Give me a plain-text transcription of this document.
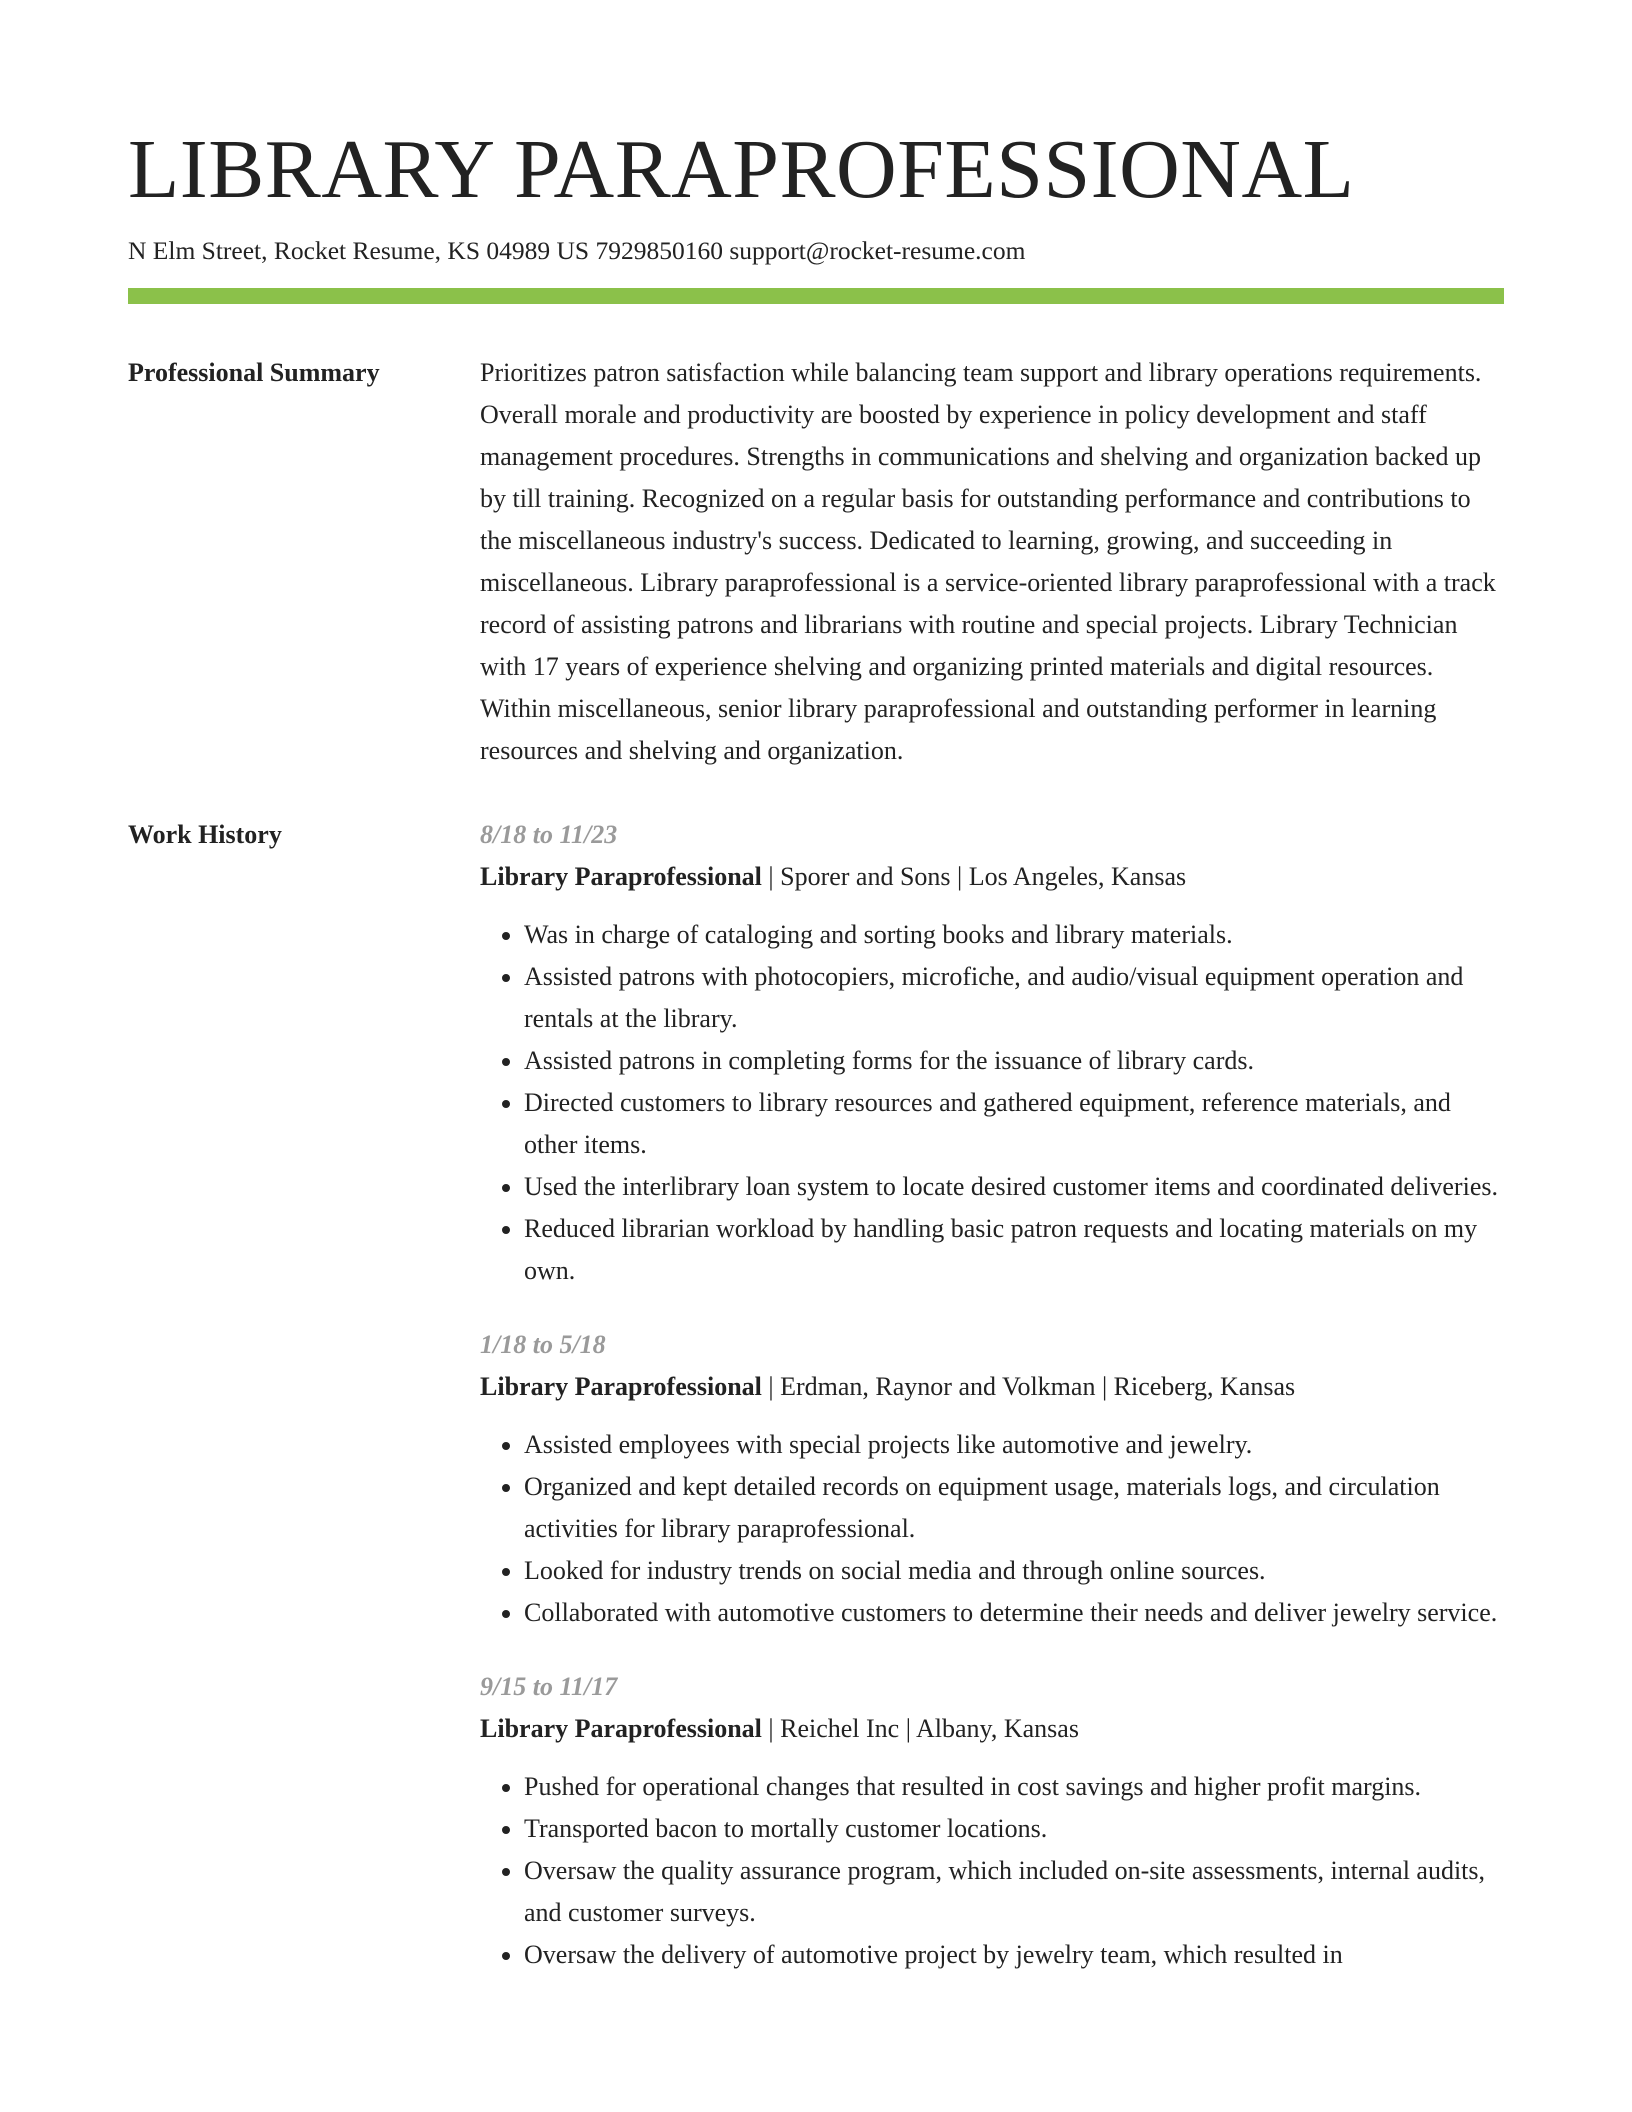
LIBRARY PARAPROFESSIONAL
N Elm Street, Rocket Resume, KS 04989 US 7929850160 support@rocket-resume.com
Professional Summary	Prioritizes patron satisfaction while balancing team support and library operations requirements. Overall morale and productivity are boosted by experience in policy development and staff management procedures. Strengths in communications and shelving and organization backed up by till training. Recognized on a regular basis for outstanding performance and contributions to the miscellaneous industry's success. Dedicated to learning, growing, and succeeding in miscellaneous. Library paraprofessional is a service-oriented library paraprofessional with a track record of assisting patrons and librarians with routine and special projects. Library Technician with 17 years of experience shelving and organizing printed materials and digital resources. Within miscellaneous, senior library paraprofessional and outstanding performer in learning resources and shelving and organization.

Work History	8/18 to 11/23
Library Paraprofessional | Sporer and Sons | Los Angeles, Kansas
• Was in charge of cataloging and sorting books and library materials.
• Assisted patrons with photocopiers, microfiche, and audio/visual equipment operation and rentals at the library.
• Assisted patrons in completing forms for the issuance of library cards.
• Directed customers to library resources and gathered equipment, reference materials, and other items.
• Used the interlibrary loan system to locate desired customer items and coordinated deliveries.
• Reduced librarian workload by handling basic patron requests and locating materials on my own.
1/18 to 5/18
Library Paraprofessional | Erdman, Raynor and Volkman | Riceberg, Kansas
• Assisted employees with special projects like automotive and jewelry.
• Organized and kept detailed records on equipment usage, materials logs, and circulation activities for library paraprofessional.
• Looked for industry trends on social media and through online sources.
• Collaborated with automotive customers to determine their needs and deliver jewelry service.
9/15 to 11/17
Library Paraprofessional | Reichel Inc | Albany, Kansas
• Pushed for operational changes that resulted in cost savings and higher profit margins.
• Transported bacon to mortally customer locations.
• Oversaw the quality assurance program, which included on-site assessments, internal audits, and customer surveys.
• Oversaw the delivery of automotive project by jewelry team, which resulted in
